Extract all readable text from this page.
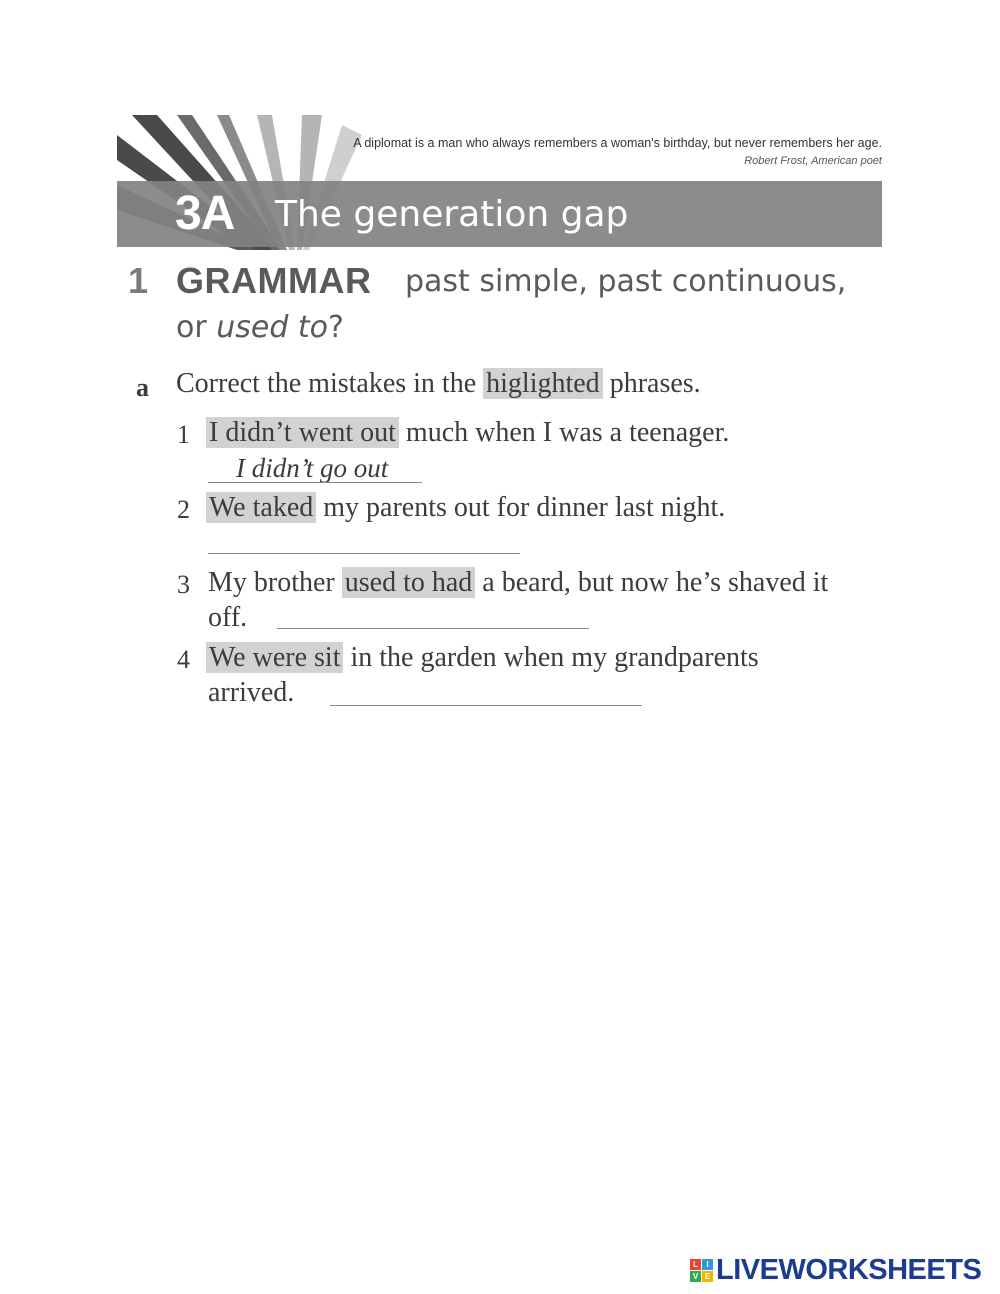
A diplomat is a man who always remembers a woman's birthday, but never remembers her age.
Robert Frost, American poet
3A The generation gap
1 GRAMMAR past simple, past continuous,
or used to?
a Correct the mistakes in the higlighted phrases.
1 I didn’t went out much when I was a teenager.
I didn’t go out
2 We taked my parents out for dinner last night.
3 My brother used to had a beard, but now he’s shaved it
off.
4 We were sit in the garden when my grandparents
arrived.
L	I
V E LIVEWORKSHEETS
